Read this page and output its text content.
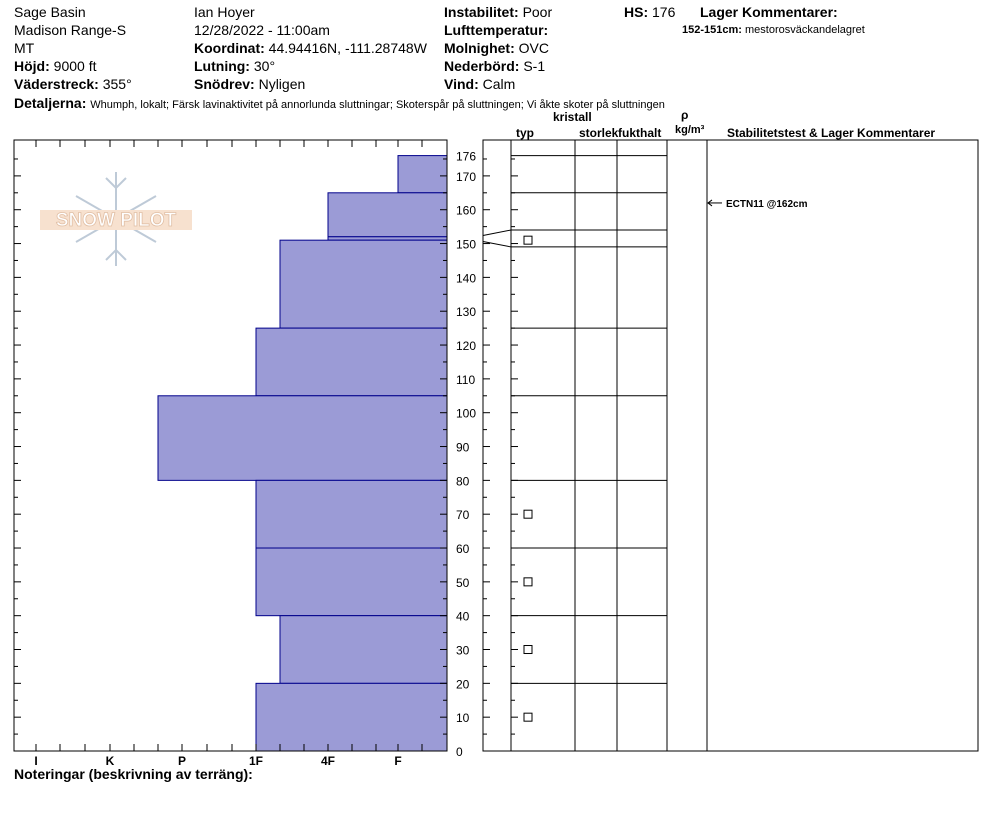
Sage Basin
Madison Range-S
MT
Höjd: 9000 ft
Väderstreck: 355°
Ian Hoyer
12/28/2022 - 11:00am
Koordinat: 44.94416N, -111.28748W
Lutning: 30°
Snödrev: Nyligen
Instabilitet: Poor
Lufttemperatur:
Molnighet: OVC
Nederbörd: S-1
Vind: Calm
HS: 176 Lager Kommentarer:
152-151cm: mestorosväckandelagret
Detaljerna: Whumph, lokalt; Färsk lavinaktivitet på annorlunda sluttningar; Skoterspår på sluttningen; Vi åkte skoter på sluttningen
kristall
typ	storlek fukthalt
ρ
kg/m³ Stabilitetstest & Lager Kommentarer
SNOW PILOT
ECTN11 @162cm
0
10
20
30
40
50
60
70
80
90
100
110
120
130
140
150
160
170
176
I	K	P	1F	4F	F
Noteringar (beskrivning av terräng):
